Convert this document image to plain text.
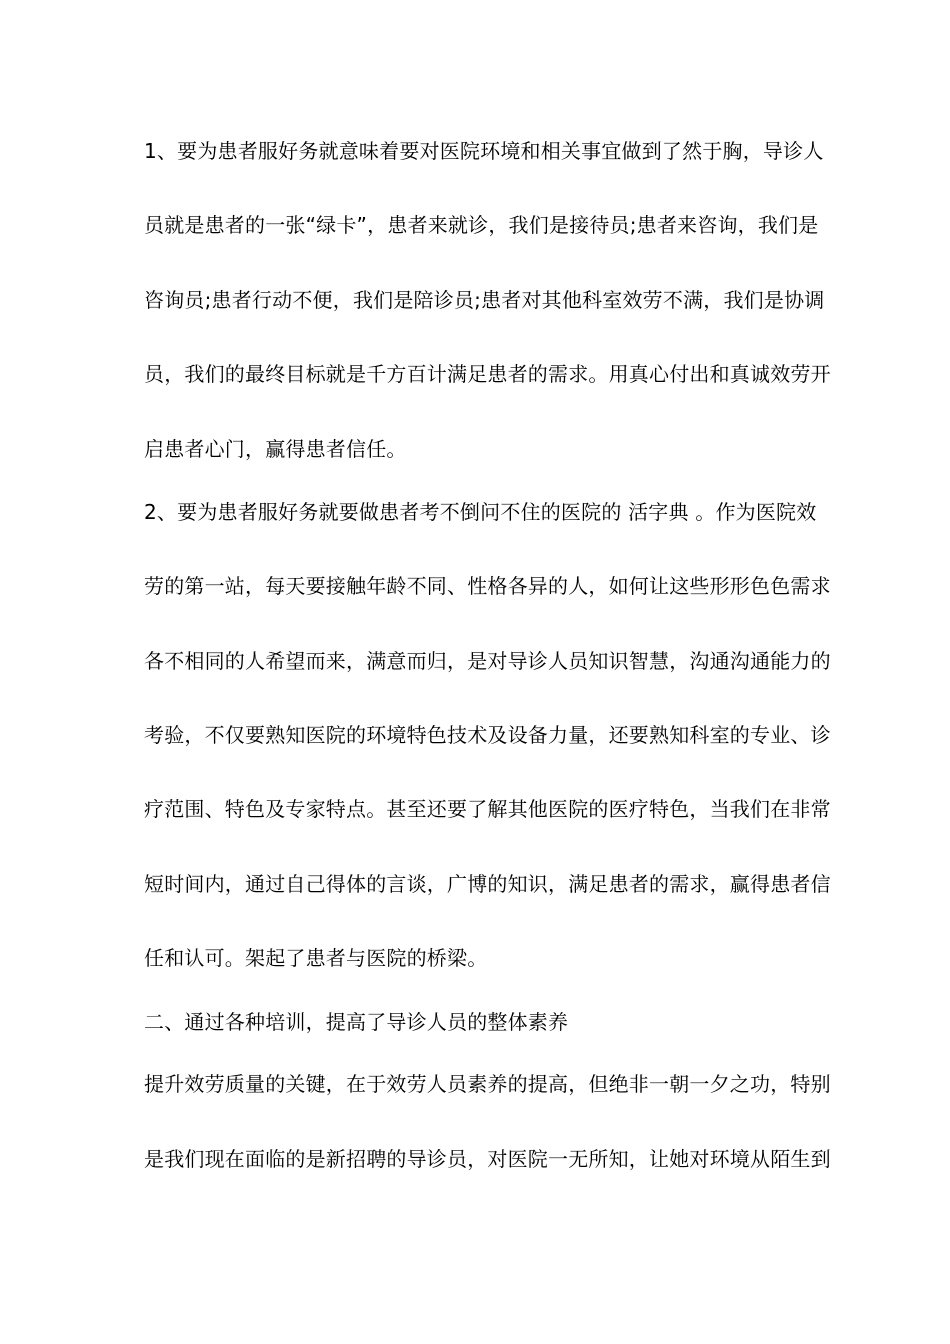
1、要为患者服好务就意味着要对医院环境和相关事宜做到了然于胸，导诊人
员就是患者的一张“绿卡”，患者来就诊，我们是接待员;患者来咨询，我们是
咨询员;患者行动不便，我们是陪诊员;患者对其他科室效劳不满，我们是协调
员，我们的最终目标就是千方百计满足患者的需求。用真心付出和真诚效劳开
启患者心门，赢得患者信任。
2、要为患者服好务就要做患者考不倒问不住的医院的 活字典 。作为医院效
劳的第一站，每天要接触年龄不同、性格各异的人，如何让这些形形色色需求
各不相同的人希望而来，满意而归，是对导诊人员知识智慧，沟通沟通能力的
考验，不仅要熟知医院的环境特色技术及设备力量，还要熟知科室的专业、诊
疗范围、特色及专家特点。甚至还要了解其他医院的医疗特色，当我们在非常
短时间内，通过自己得体的言谈，广博的知识，满足患者的需求，赢得患者信
任和认可。架起了患者与医院的桥梁。
二、通过各种培训，提高了导诊人员的整体素养
提升效劳质量的关键，在于效劳人员素养的提高，但绝非一朝一夕之功，特别
是我们现在面临的是新招聘的导诊员，对医院一无所知，让她对环境从陌生到
